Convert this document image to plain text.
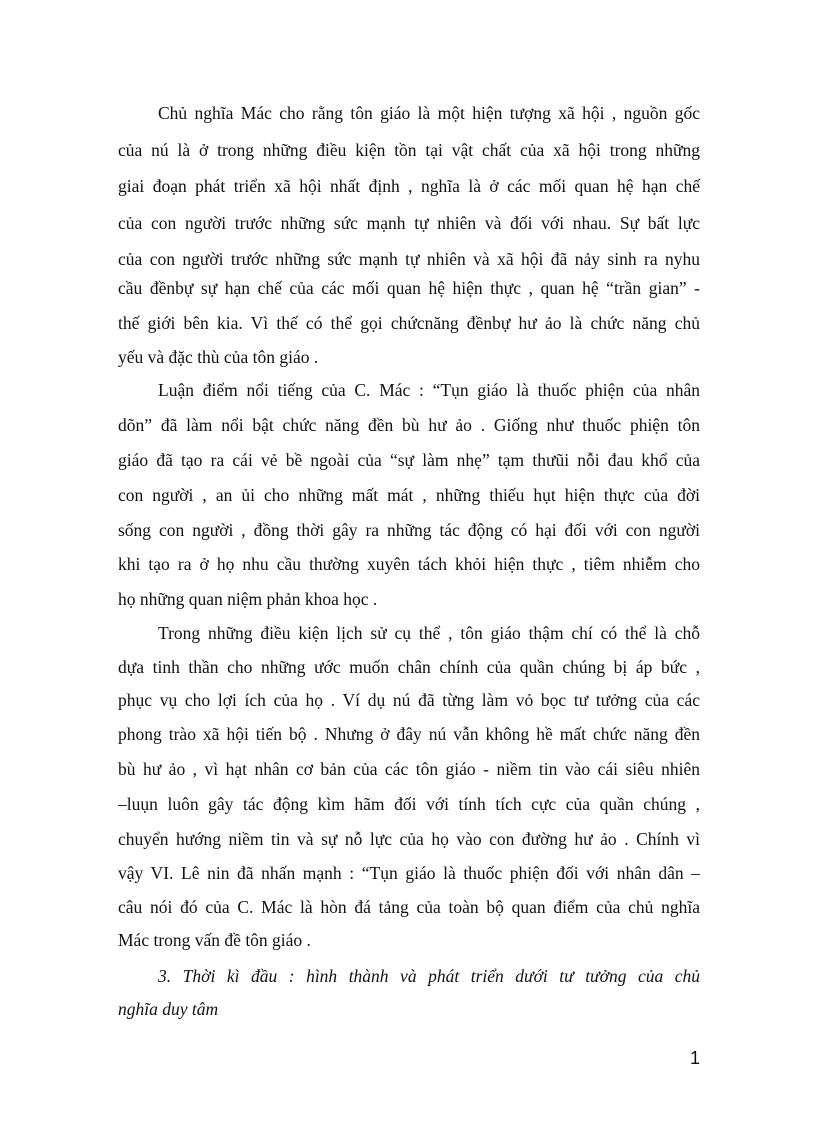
Chủ nghĩa Mác cho rằng tôn giáo là một hiện tượng xã hội , nguồn gốc
của nú là ở trong những điều kiện tồn tại vật chất của xã hội trong những
giai đoạn phát triển xã hội nhất định , nghĩa là ở các mối quan hệ hạn chế
của con người trước những sức mạnh tự nhiên và đối với nhau. Sự bất lực
của con người trước những sức mạnh tự nhiên và xã hội đã nảy sinh ra nyhu
cầu đềnbự sự hạn chế của các mối quan hệ hiện thực , quan hệ “trần gian” -
thế giới bên kia. Vì thế có thể gọi chứcnăng đềnbự hư ảo là chức năng chủ
yếu và đặc thù của tôn giáo .
Luận điểm nổi tiếng của C. Mác : “Tụn giáo là thuốc phiện của nhân
dõn” đã làm nổi bật chức năng đền bù hư ảo . Giống như thuốc phiện tôn
giáo đã tạo ra cái vẻ bề ngoài của “sự làm nhẹ” tạm thưũi nỗi đau khổ của
con người , an ủi cho những mất mát , những thiếu hụt hiện thực của đời
sống con người , đồng thời gây ra những tác động có hại đối với con người
khi tạo ra ở họ nhu cầu thường xuyên tách khỏi hiện thực , tiêm nhiễm cho
họ những quan niệm phản khoa học .
Trong những điều kiện lịch sử cụ thể , tôn giáo thậm chí có thể là chỗ
dựa tinh thần cho những ước muốn chân chính của quần chúng bị áp bức ,
phục vụ cho lợi ích của họ . Ví dụ nú đã từng làm vỏ bọc tư tưởng của các
phong trào xã hội tiến bộ . Nhưng ở đây nú vẫn không hề mất chức năng đền
bù hư ảo , vì hạt nhân cơ bản của các tôn giáo - niềm tin vào cái siêu nhiên
–luụn luôn gây tác động kìm hãm đối với tính tích cực của quần chúng ,
chuyển hướng niềm tin và sự nỗ lực của họ vào con đường hư ảo . Chính vì
vậy VI. Lê nin đã nhấn mạnh : “Tụn giáo là thuốc phiện đối với nhân dân –
câu nói đó của C. Mác là hòn đá tảng của toàn bộ quan điểm của chủ nghĩa
Mác trong vấn đề tôn giáo .
3. Thời kì đầu : hình thành và phát triển dưới tư tưởng của chủ
nghĩa duy tâm
1
